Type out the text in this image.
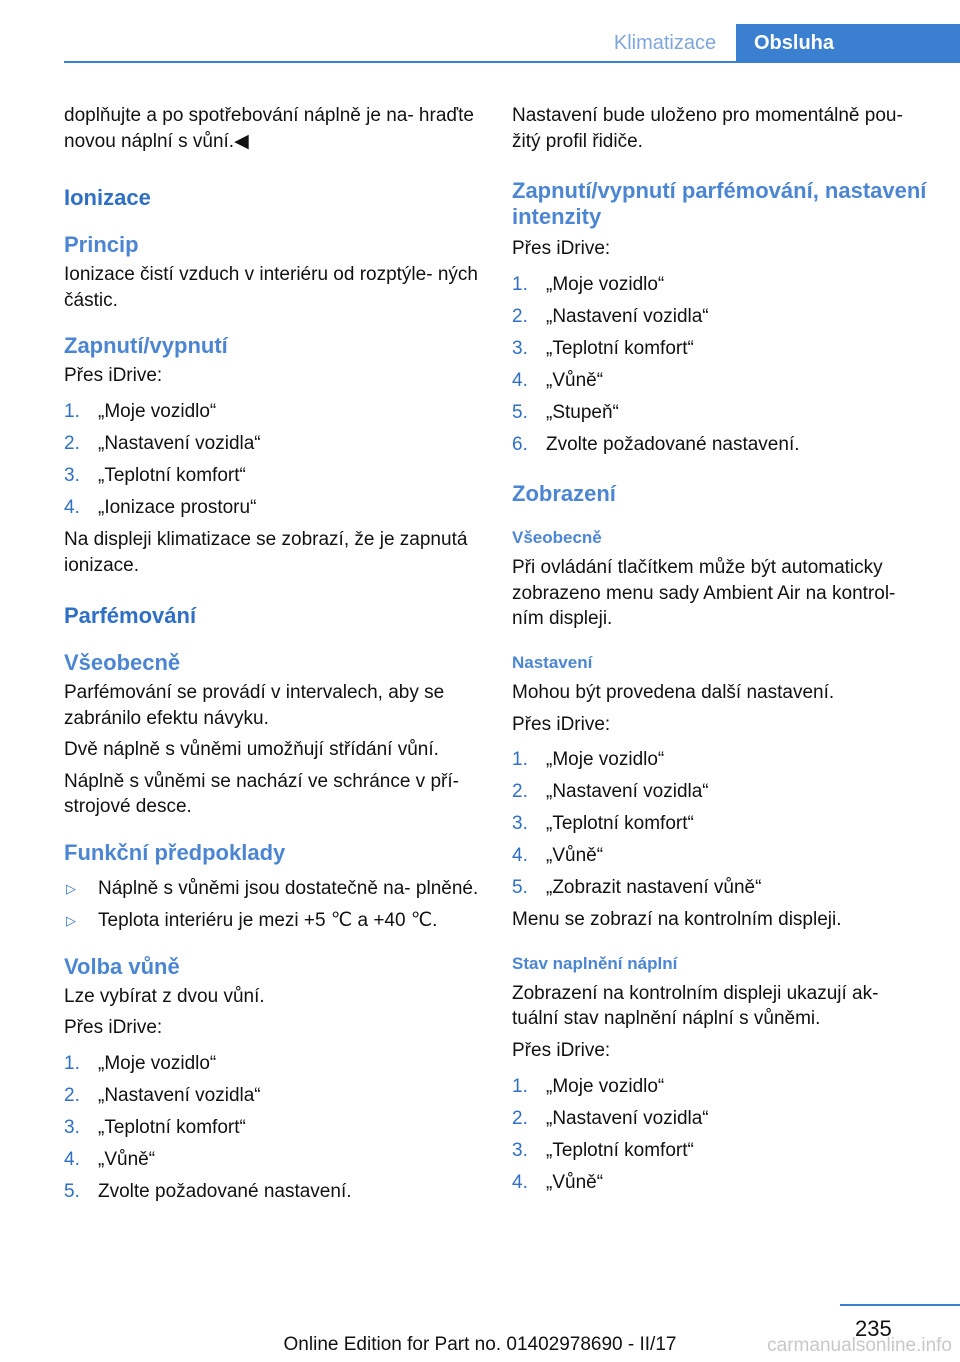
Klimatizace	Obsluha

doplňujte a po spotřebování náplně je na‐ hraďte novou náplní s vůní.◀

Ionizace
Princip

Ionizace čistí vzduch v interiéru od rozptýle‐ ných částic.

Zapnutí/vypnutí

Přes iDrive:

1. „Moje vozidlo“
2. „Nastavení vozidla“
3. „Teplotní komfort“
4. „Ionizace prostoru“

Na displeji klimatizace se zobrazí, že je zapnutá ionizace.

Parfémování
Všeobecně

Parfémování se provádí v intervalech, aby se zabránilo efektu návyku.

Dvě náplně s vůněmi umožňují střídání vůní.

Náplně s vůněmi se nachází ve schránce v pří‐ strojové desce.

Funkční předpoklady
▷ Náplně s vůněmi jsou dostatečně na‐ plněné.
▷ Teplota interiéru je mezi +5 ℃ a +40 ℃.
Volba vůně

Lze vybírat z dvou vůní.

Přes iDrive:

1. „Moje vozidlo“
2. „Nastavení vozidla“
3. „Teplotní komfort“
4. „Vůně“
5. Zvolte požadované nastavení.

Nastavení bude uloženo pro momentálně pou‐ žitý profil řidiče.

Zapnutí/vypnutí parfémování, nastavení intenzity

Přes iDrive:

1. „Moje vozidlo“
2. „Nastavení vozidla“
3. „Teplotní komfort“
4. „Vůně“
5. „Stupeň“
6. Zvolte požadované nastavení.
Zobrazení
Všeobecně

Při ovládání tlačítkem může být automaticky zobrazeno menu sady Ambient Air na kontrol‐ ním displeji.

Nastavení

Mohou být provedena další nastavení.

Přes iDrive:

1. „Moje vozidlo“
2. „Nastavení vozidla“
3. „Teplotní komfort“
4. „Vůně“
5. „Zobrazit nastavení vůně“

Menu se zobrazí na kontrolním displeji.

Stav naplnění náplní

Zobrazení na kontrolním displeji ukazují ak‐ tuální stav naplnění náplní s vůněmi.

Přes iDrive:

1. „Moje vozidlo“
2. „Nastavení vozidla“
3. „Teplotní komfort“
4. „Vůně“
235
Online Edition for Part no. 01402978690 - II/17	carmanualsonline.info
